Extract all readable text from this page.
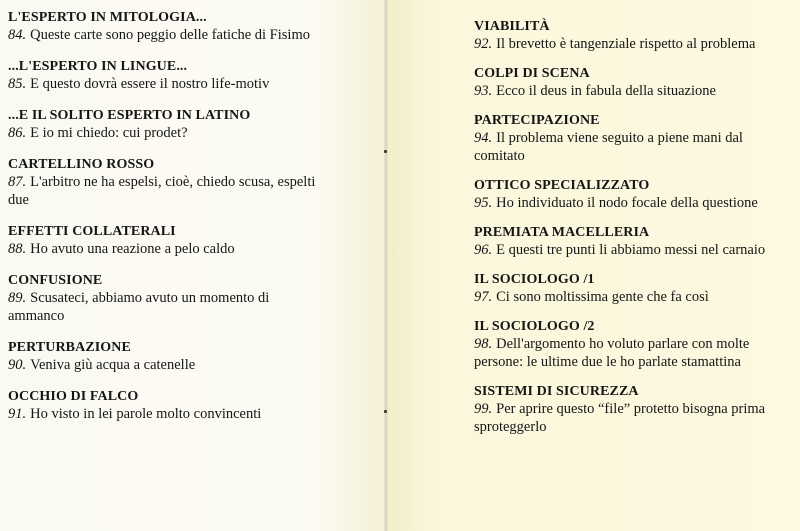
L'ESPERTO IN MITOLOGIA...
84. Queste carte sono peggio delle fatiche di Fisimo
...L'ESPERTO IN LINGUE...
85. E questo dovrà essere il nostro life-motiv
...E IL SOLITO ESPERTO IN LATINO
86. E io mi chiedo: cui prodet?
CARTELLINO ROSSO
87. L'arbitro ne ha espelsi, cioè, chiedo scusa, espelti due
EFFETTI COLLATERALI
88. Ho avuto una reazione a pelo caldo
CONFUSIONE
89. Scusateci, abbiamo avuto un momento di ammanco
PERTURBAZIONE
90. Veniva giù acqua a catenelle
OCCHIO DI FALCO
91. Ho visto in lei parole molto convincenti
VIABILITÀ
92. Il brevetto è tangenziale rispetto al problema
COLPI DI SCENA
93. Ecco il deus in fabula della situazione
PARTECIPAZIONE
94. Il problema viene seguito a piene mani dal comitato
OTTICO SPECIALIZZATO
95. Ho individuato il nodo focale della questione
PREMIATA MACELLERIA
96. E questi tre punti li abbiamo messi nel carnaio
IL SOCIOLOGO /1
97. Ci sono moltissima gente che fa così
IL SOCIOLOGO /2
98. Dell'argomento ho voluto parlare con molte persone: le ultime due le ho parlate stamattina
SISTEMI DI SICUREZZA
99. Per aprire questo “file” protetto bisogna prima sproteggerlo
